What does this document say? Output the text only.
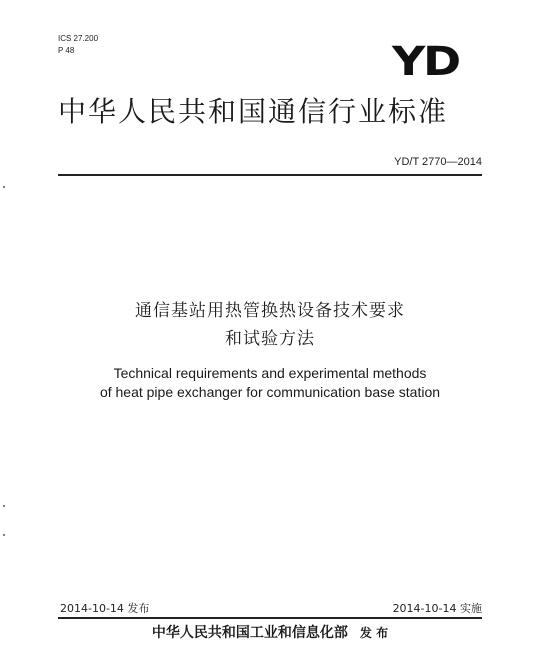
ICS 27.200
P 48	YD
中华人民共和国通信行业标准
YD/T 2770—2014
通信基站用热管换热设备技术要求
和试验方法
Technical requirements and experimental methods
of heat pipe exchanger for communication base station
2014-10-14 发布	2014-10-14 实施
中华人民共和国工业和信息化部 发 布
